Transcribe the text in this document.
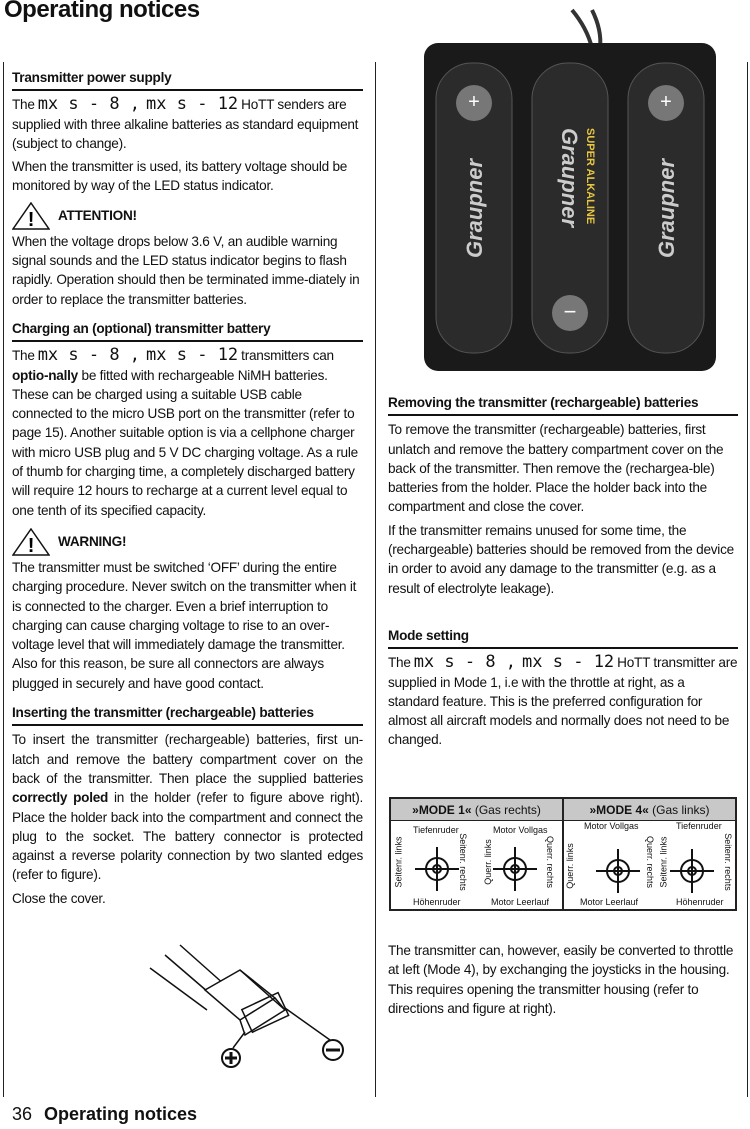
Operating notices
Transmitter power supply
The mx s - 8 , mx s - 12 HoTT senders are supplied with three alkaline batteries as standard equipment (subject to change).
When the transmitter is used, its battery voltage should be monitored by way of the LED status indicator.
! ATTENTION!
When the voltage drops below 3.6 V, an audible warning signal sounds and the LED status indicator begins to flash rapidly. Operation should then be terminated imme-diately in order to replace the transmitter batteries.
Charging an (optional) transmitter battery
The mx s - 8 , mx s - 12 transmitters can optio-nally be fitted with rechargeable NiMH batteries. These can be charged using a suitable USB cable connected to the micro USB port on the transmitter (refer to page 15). Another suitable option is via a cellphone charger with micro USB plug and 5 V DC charging voltage. As a rule of thumb for charging time, a completely discharged battery will require 12 hours to recharge at a current level equal to one tenth of its specified capacity.
! WARNING!
The transmitter must be switched ‘OFF’ during the entire charging procedure. Never switch on the transmitter when it is connected to the charger. Even a brief interruption to charging can cause charging voltage to rise to an over-voltage level that will immediately damage the transmitter. Also for this reason, be sure all connectors are always plugged in securely and have good contact.
Inserting the transmitter (rechargeable) batteries
To insert the transmitter (rechargeable) batteries, first un-latch and remove the battery compartment cover on the back of the transmitter. Then place the supplied batteries correctly poled in the holder (refer to figure above right). Place the holder back into the compartment and connect the plug to the socket. The battery connector is protected against a reverse polarity connection by two slanted edges (refer to figure).
Close the cover.
+
−
+
Graupner	Graupner SUPER ALKALINE	Graupner
Removing the transmitter (rechargeable) batteries
To remove the transmitter (rechargeable) batteries, first unlatch and remove the battery compartment cover on the back of the transmitter. Then remove the (rechargea-ble) batteries from the holder. Place the holder back into the compartment and close the cover.
If the transmitter remains unused for some time, the (rechargeable) batteries should be removed from the device in order to avoid any damage to the transmitter (e.g. as a result of electrolyte leakage).
Mode setting
The mx s - 8 , mx s - 12 HoTT transmitter are supplied in Mode 1, i.e with the throttle at right, as a standard feature. This is the preferred configuration for almost all aircraft models and normally does not need to be changed.
»MODE 1« (Gas rechts)
Tiefenruder	Motor Vollgas
Höhenruder	Motor Leerlauf
Seitenr. links	Seitenr. rechts Querr. links	Querr. rechts
»MODE 4« (Gas links)
Motor Vollgas	Tiefenruder
Motor Leerlauf	Höhenruder
Querr. links	Querr. rechts Seitenr. links	Seitenr. rechts
The transmitter can, however, easily be converted to throttle at left (Mode 4), by exchanging the joysticks in the housing. This requires opening the transmitter housing (refer to directions and figure at right).
36 Operating notices
